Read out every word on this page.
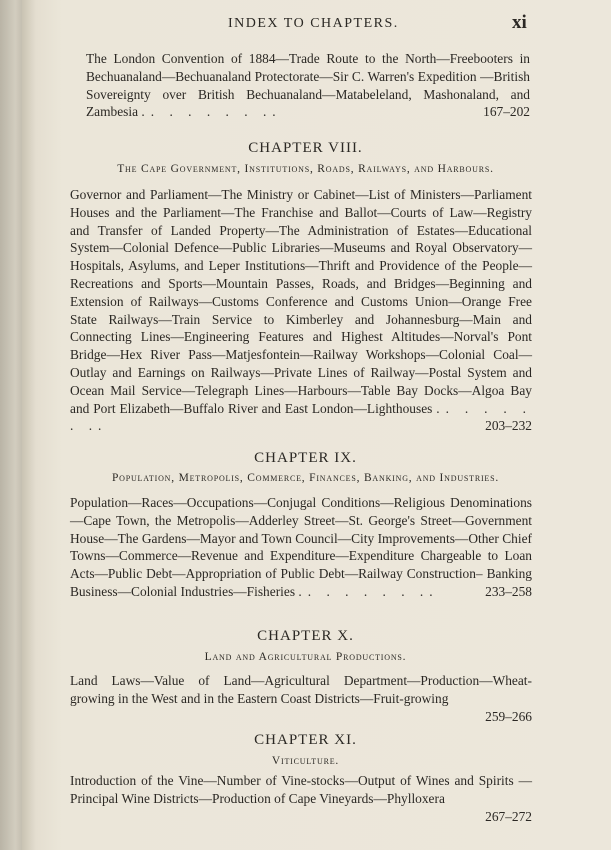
INDEX TO CHAPTERS.	xi
The London Convention of 1884—Trade Route to the North—Freebooters in Bechuanaland—Bechuanaland Protectorate—Sir C. Warren's Expedition —British Sovereignty over British Bechuanaland—Matabeleland, Mashonaland, and Zambesia .. . . . . . ..	167–202
CHAPTER VIII.
The Cape Government, Institutions, Roads, Railways, and Harbours.
Governor and Parliament—The Ministry or Cabinet—List of Ministers—Parliament Houses and the Parliament—The Franchise and Ballot—Courts of Law—Registry and Transfer of Landed Property—The Administration of Estates—Educational System—Colonial Defence—Public Libraries—Museums and Royal Observatory—Hospitals, Asylums, and Leper Institutions—Thrift and Providence of the People—Recreations and Sports—Mountain Passes, Roads, and Bridges—Beginning and Extension of Railways—Customs Conference and Customs Union—Orange Free State Railways—Train Service to Kimberley and Johannesburg—Main and Connecting Lines—Engineering Features and Highest Altitudes—Norval's Pont Bridge—Hex River Pass—Matjesfontein—Railway Workshops—Colonial Coal—Outlay and Earnings on Railways—Private Lines of Railway—Postal System and Ocean Mail Service—Telegraph Lines—Harbours—Table Bay Docks—Algoa Bay and Port Elizabeth—Buffalo River and East London—Lighthouses .. . . . . . ..	203–232
CHAPTER IX.
Population, Metropolis, Commerce, Finances, Banking, and Industries.
Population—Races—Occupations—Conjugal Conditions—Religious Denominations—Cape Town, the Metropolis—Adderley Street—St. George's Street—Government House—The Gardens—Mayor and Town Council—City Improvements—Other Chief Towns—Commerce—Revenue and Expenditure—Expenditure Chargeable to Loan Acts—Public Debt—Appropriation of Public Debt—Railway Construction– Banking Business—Colonial Industries—Fisheries .. . . . . . ..	233–258
CHAPTER X.
Land and Agricultural Productions.
Land Laws—Value of Land—Agricultural Department—Production—Wheat-growing in the West and in the Eastern Coast Districts—Fruit-growing
259–266
CHAPTER XI.
Viticulture.
Introduction of the Vine—Number of Vine-stocks—Output of Wines and Spirits —Principal Wine Districts—Production of Cape Vineyards—Phylloxera
267–272
